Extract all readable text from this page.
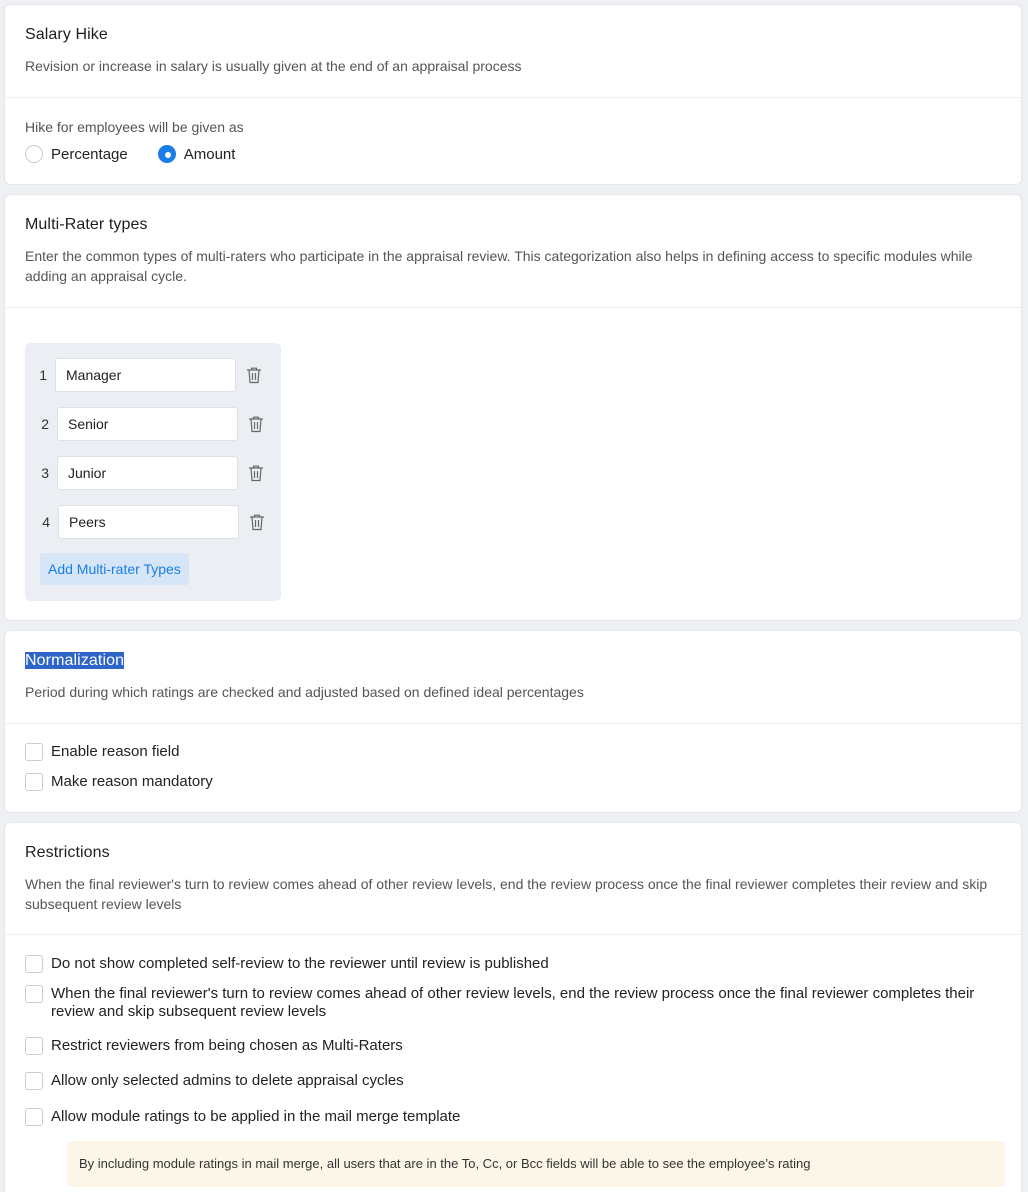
Salary Hike
Revision or increase in salary is usually given at the end of an appraisal process
Hike for employees will be given as
Percentage	Amount
Multi-Rater types
Enter the common types of multi-raters who participate in the appraisal review. This categorization also helps in defining access to specific modules while adding an appraisal cycle.
1
Manager
2
Senior
3
Junior
4
Peers
Add Multi-rater Types
Normalization
Period during which ratings are checked and adjusted based on defined ideal percentages
Enable reason field
Make reason mandatory
Restrictions
When the final reviewer's turn to review comes ahead of other review levels, end the review process once the final reviewer completes their review and skip subsequent review levels
Do not show completed self-review to the reviewer until review is published
When the final reviewer's turn to review comes ahead of other review levels, end the review process once the final reviewer completes their review and skip subsequent review levels
Restrict reviewers from being chosen as Multi-Raters
Allow only selected admins to delete appraisal cycles
Allow module ratings to be applied in the mail merge template
By including module ratings in mail merge, all users that are in the To, Cc, or Bcc fields will be able to see the employee’s rating
